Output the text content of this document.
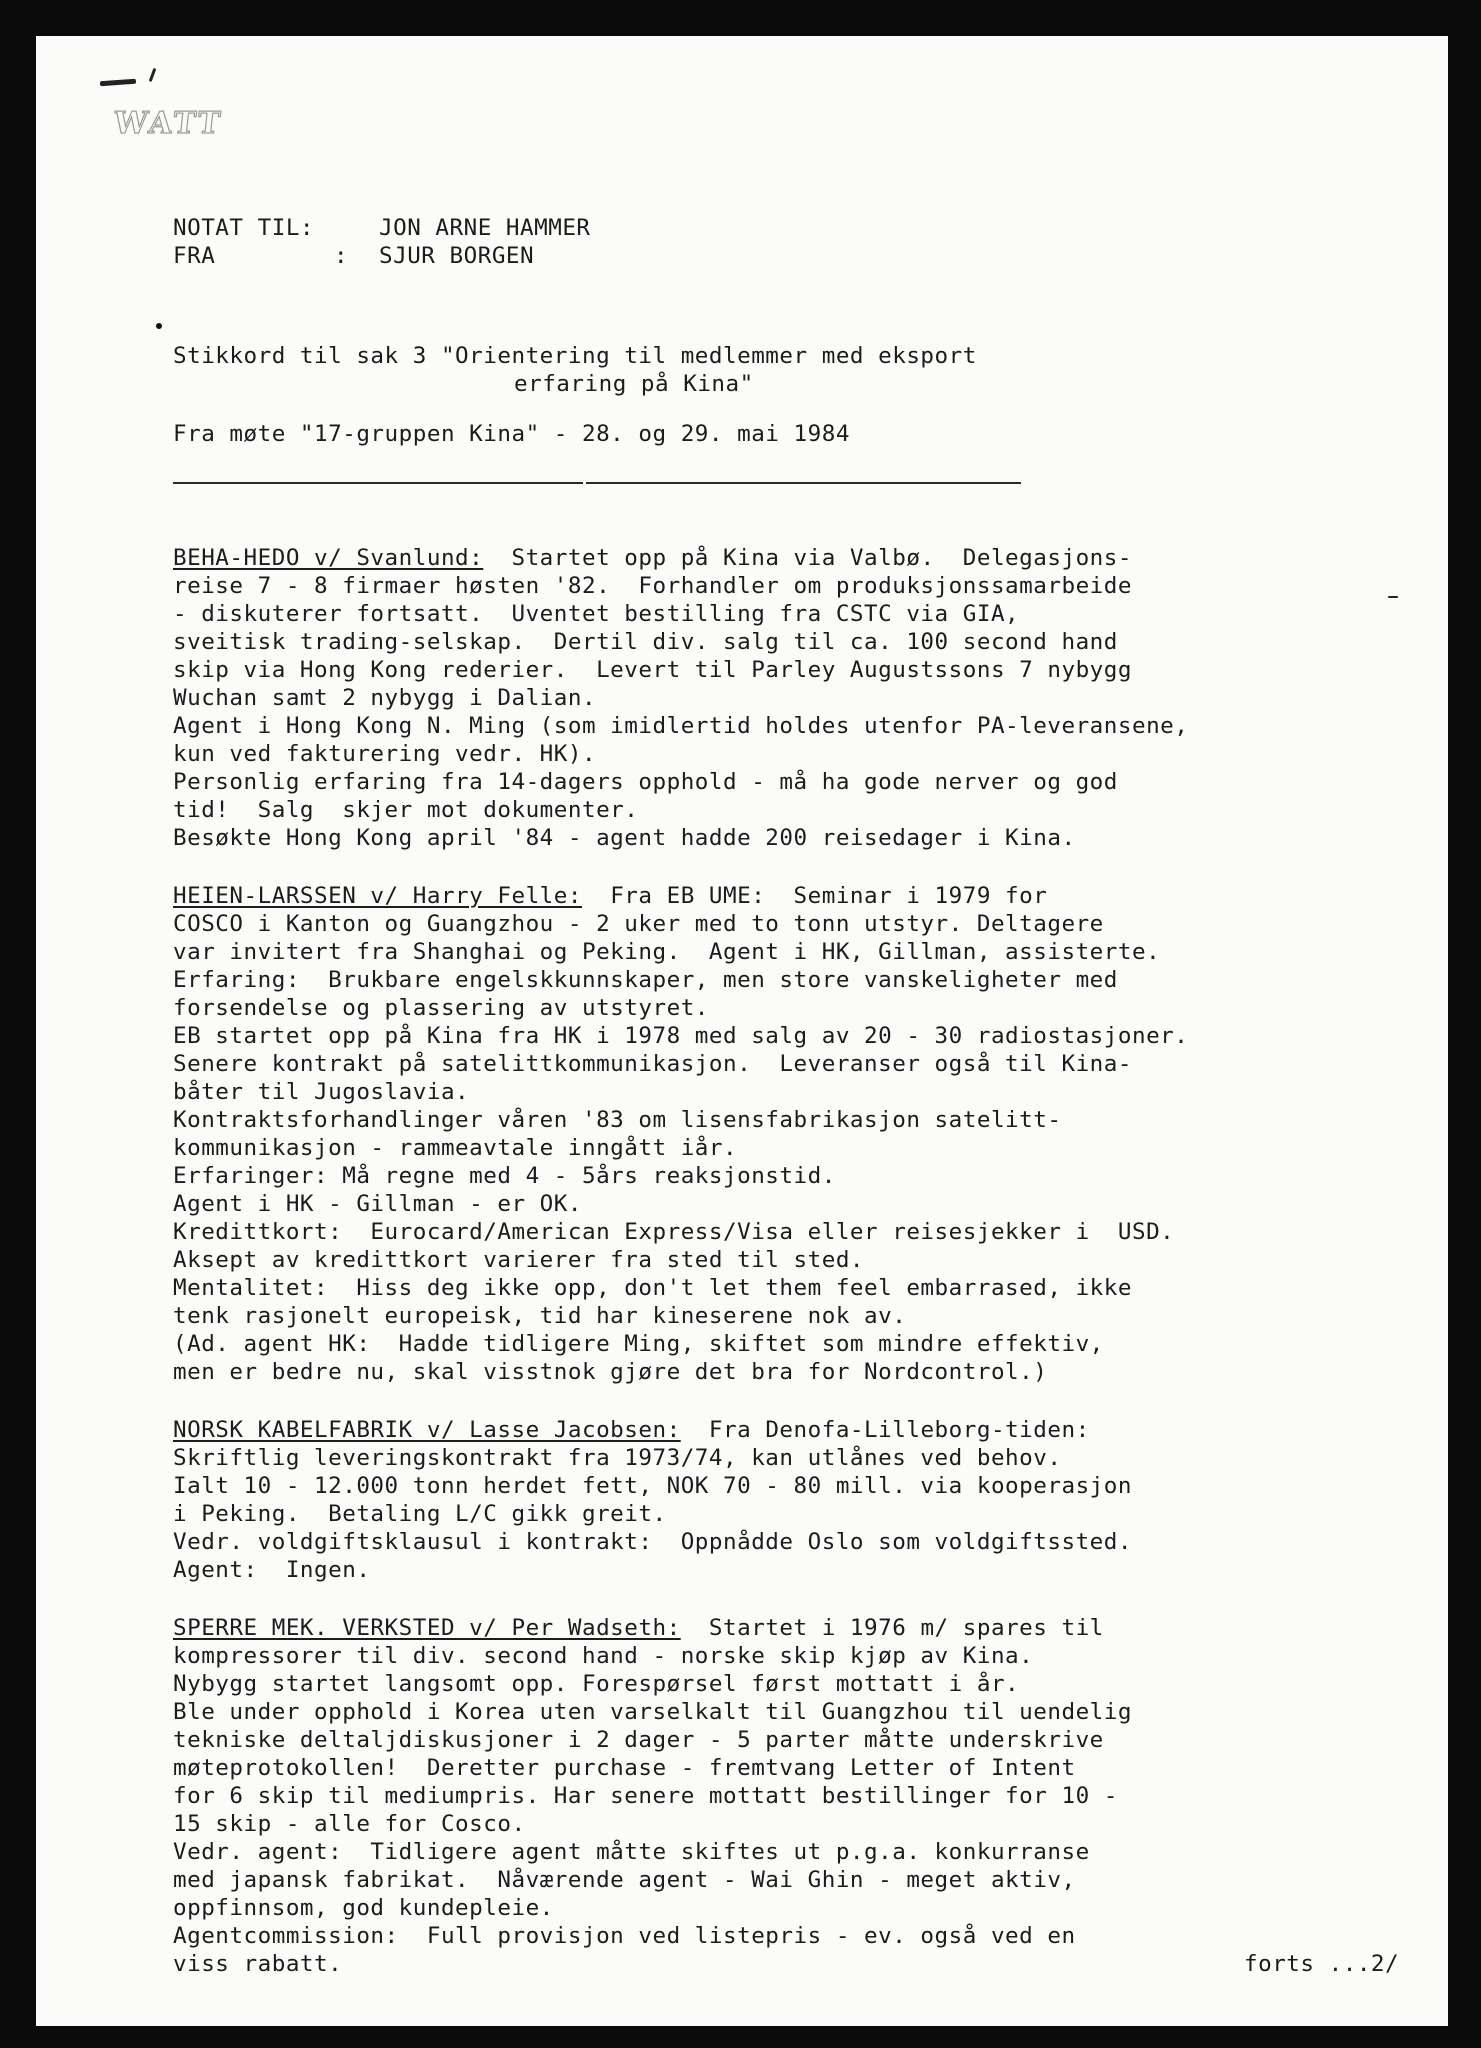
WATT
NOTAT TIL:	JON ARNE HAMMER
FRA	: SJUR BORGEN
Stikkord til sak 3 "Orientering til medlemmer med eksport
erfaring på Kina"
Fra møte "17-gruppen Kina" - 28. og 29. mai 1984
BEHA-HEDO v/ Svanlund:  Startet opp på Kina via Valbø.  Delegasjons-
reise 7 - 8 firmaer høsten '82.  Forhandler om produksjonssamarbeide
- diskuterer fortsatt.  Uventet bestilling fra CSTC via GIA,
sveitisk trading-selskap.  Dertil div. salg til ca. 100 second hand
skip via Hong Kong rederier.  Levert til Parley Augustssons 7 nybygg
Wuchan samt 2 nybygg i Dalian.
Agent i Hong Kong N. Ming (som imidlertid holdes utenfor PA-leveransene,
kun ved fakturering vedr. HK).
Personlig erfaring fra 14-dagers opphold - må ha gode nerver og god
tid!  Salg  skjer mot dokumenter.
Besøkte Hong Kong april '84 - agent hadde 200 reisedager i Kina.
HEIEN-LARSSEN v/ Harry Felle:  Fra EB UME:  Seminar i 1979 for
COSCO i Kanton og Guangzhou - 2 uker med to tonn utstyr. Deltagere
var invitert fra Shanghai og Peking.  Agent i HK, Gillman, assisterte.
Erfaring:  Brukbare engelskkunnskaper, men store vanskeligheter med
forsendelse og plassering av utstyret.
EB startet opp på Kina fra HK i 1978 med salg av 20 - 30 radiostasjoner.
Senere kontrakt på satelittkommunikasjon.  Leveranser også til Kina-
båter til Jugoslavia.
Kontraktsforhandlinger våren '83 om lisensfabrikasjon satelitt-
kommunikasjon - rammeavtale inngått iår.
Erfaringer: Må regne med 4 - 5års reaksjonstid.
Agent i HK - Gillman - er OK.
Kredittkort:  Eurocard/American Express/Visa eller reisesjekker i  USD.
Aksept av kredittkort varierer fra sted til sted.
Mentalitet:  Hiss deg ikke opp, don't let them feel embarrased, ikke
tenk rasjonelt europeisk, tid har kineserene nok av.
(Ad. agent HK:  Hadde tidligere Ming, skiftet som mindre effektiv,
men er bedre nu, skal visstnok gjøre det bra for Nordcontrol.)
NORSK KABELFABRIK v/ Lasse Jacobsen:  Fra Denofa-Lilleborg-tiden:
Skriftlig leveringskontrakt fra 1973/74, kan utlånes ved behov.
Ialt 10 - 12.000 tonn herdet fett, NOK 70 - 80 mill. via kooperasjon
i Peking.  Betaling L/C gikk greit.
Vedr. voldgiftsklausul i kontrakt:  Oppnådde Oslo som voldgiftssted.
Agent:  Ingen.
SPERRE MEK. VERKSTED v/ Per Wadseth:  Startet i 1976 m/ spares til
kompressorer til div. second hand - norske skip kjøp av Kina.
Nybygg startet langsomt opp. Forespørsel først mottatt i år.
Ble under opphold i Korea uten varselkalt til Guangzhou til uendelig
tekniske deltaljdiskusjoner i 2 dager - 5 parter måtte underskrive
møteprotokollen!  Deretter purchase - fremtvang Letter of Intent
for 6 skip til mediumpris. Har senere mottatt bestillinger for 10 -
15 skip - alle for Cosco.
Vedr. agent:  Tidligere agent måtte skiftes ut p.g.a. konkurranse
med japansk fabrikat.  Nåværende agent - Wai Ghin - meget aktiv,
oppfinnsom, god kundepleie.
Agentcommission:  Full provisjon ved listepris - ev. også ved en
viss rabatt.	forts ...2/
